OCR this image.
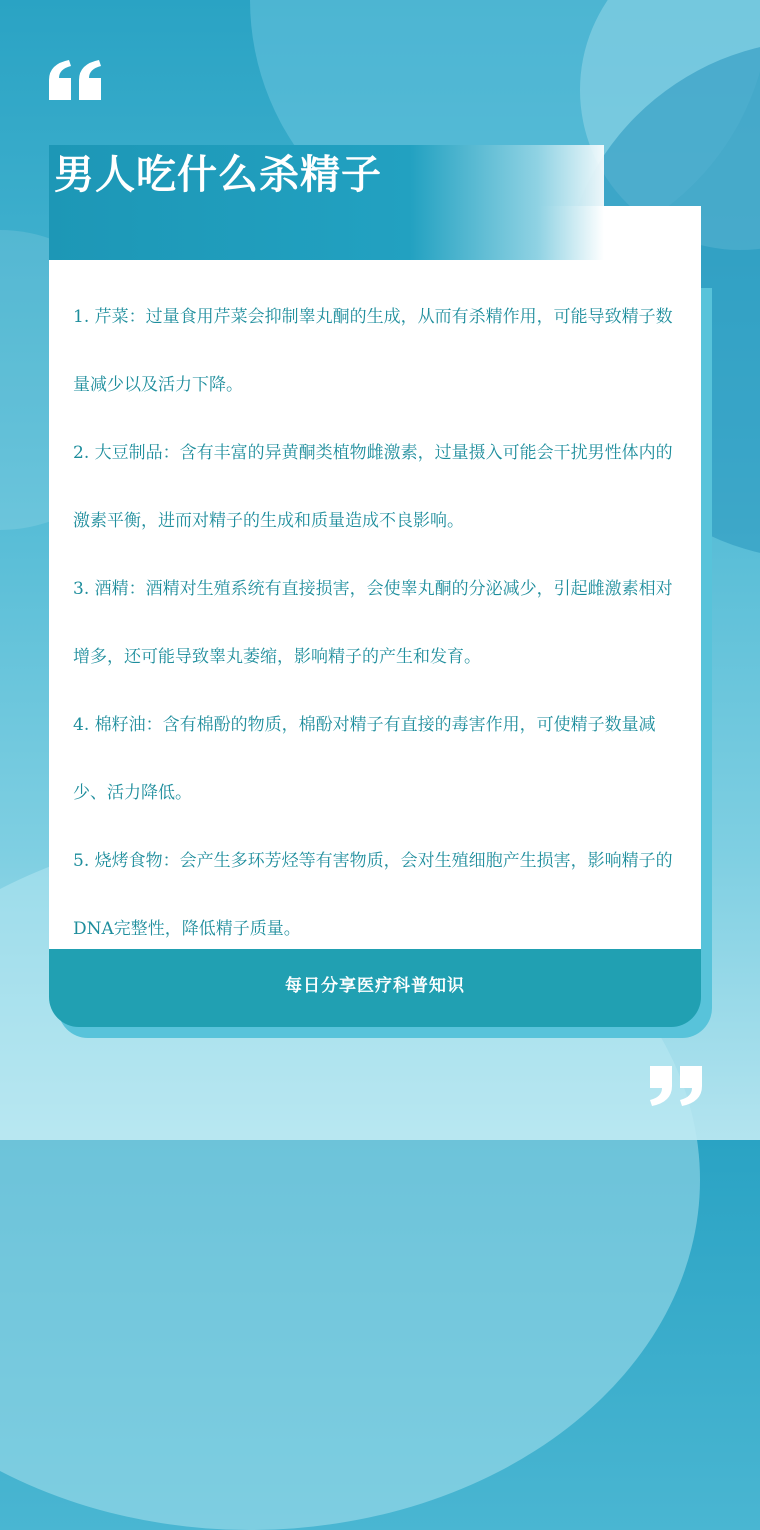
男人吃什么杀精子

1. 芹菜：过量食用芹菜会抑制睾丸酮的生成，从而有杀精作用，可能导致精子数量减少以及活力下降。

2. 大豆制品：含有丰富的异黄酮类植物雌激素，过量摄入可能会干扰男性体内的激素平衡，进而对精子的生成和质量造成不良影响。

3. 酒精：酒精对生殖系统有直接损害，会使睾丸酮的分泌减少，引起雌激素相对增多，还可能导致睾丸萎缩，影响精子的产生和发育。

4. 棉籽油：含有棉酚的物质，棉酚对精子有直接的毒害作用，可使精子数量减少、活力降低。

5. 烧烤食物：会产生多环芳烃等有害物质，会对生殖细胞产生损害，影响精子的DNA完整性，降低精子质量。

每日分享医疗科普知识
